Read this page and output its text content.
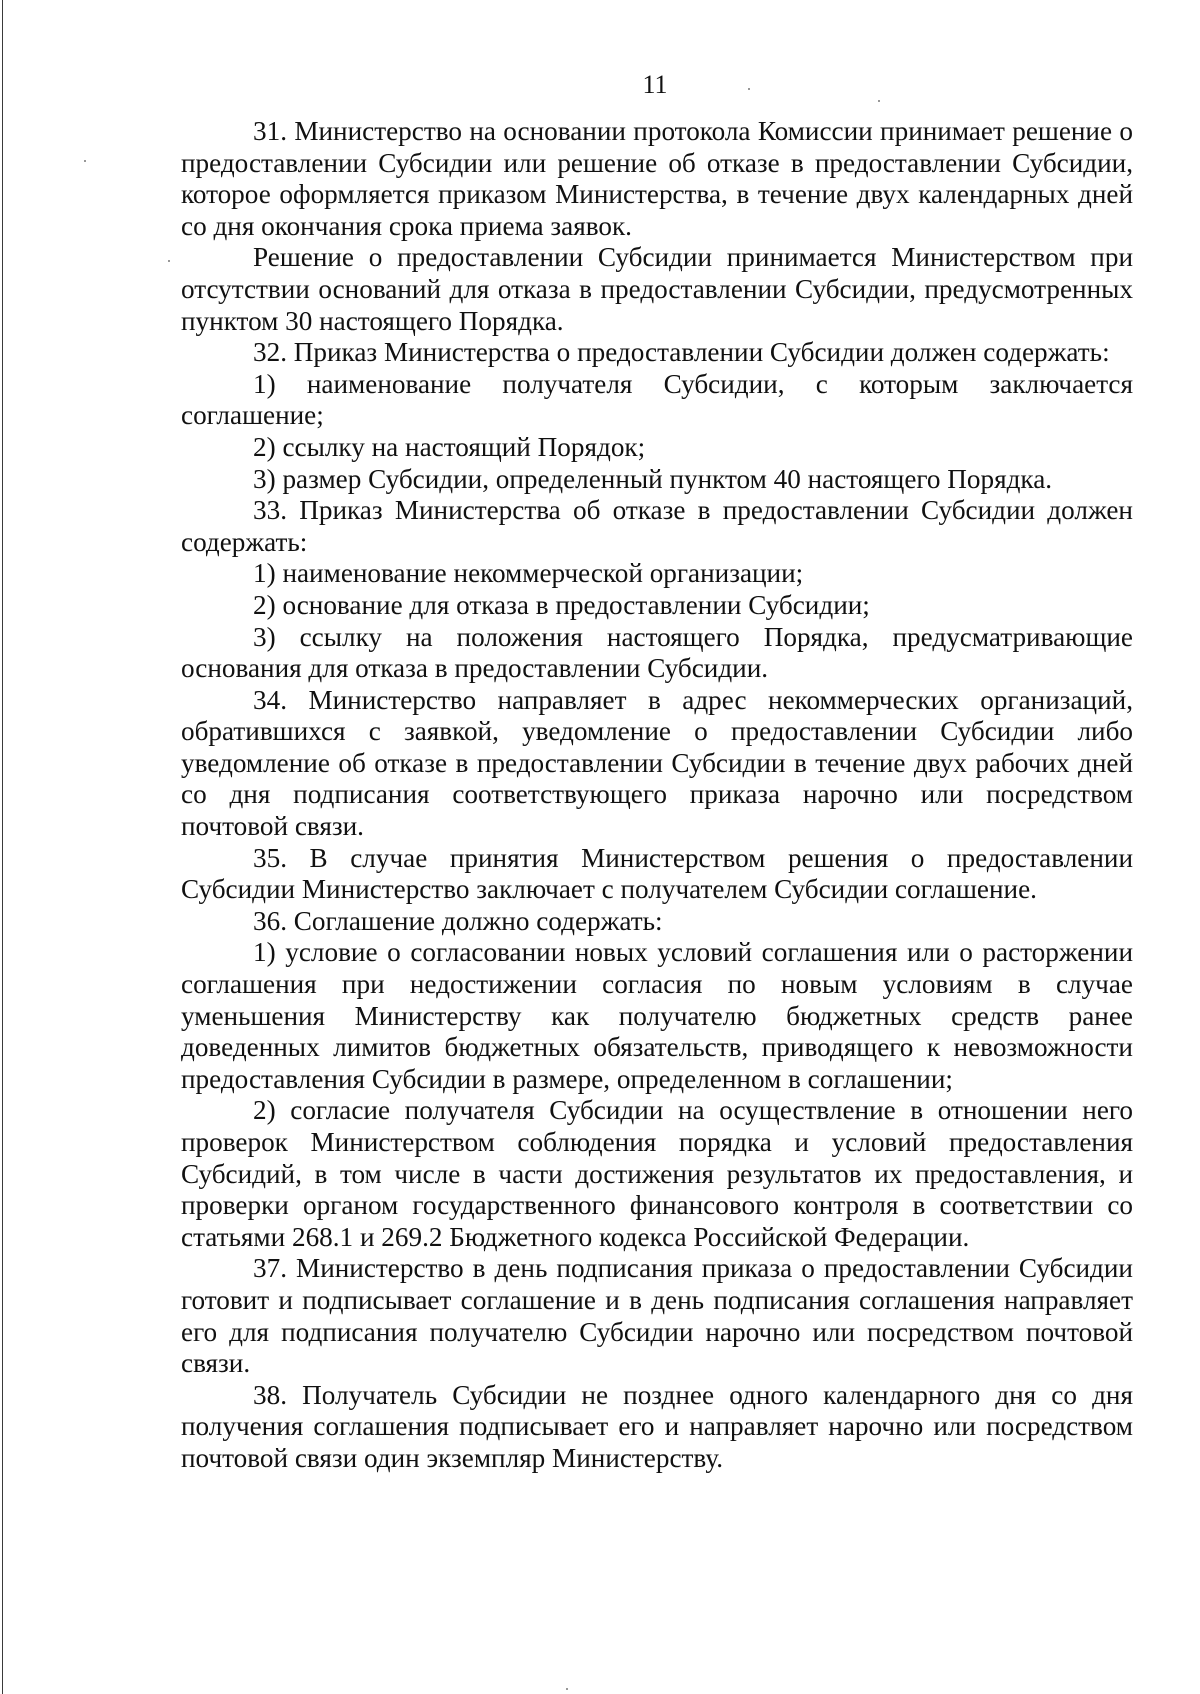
11

31. Министерство на основании протокола Комиссии принимает решение о предоставлении Субсидии или решение об отказе в предоставлении Субсидии, которое оформляется приказом Министерства, в течение двух календарных дней со дня окончания срока приема заявок.

Решение о предоставлении Субсидии принимается Министерством при отсутствии оснований для отказа в предоставлении Субсидии, предусмотренных пунктом 30 настоящего Порядка.

32. Приказ Министерства о предоставлении Субсидии должен содержать:

1) наименование получателя Субсидии, с которым заключается соглашение;

2) ссылку на настоящий Порядок;

3) размер Субсидии, определенный пунктом 40 настоящего Порядка.

33. Приказ Министерства об отказе в предоставлении Субсидии должен содержать:

1) наименование некоммерческой организации;

2) основание для отказа в предоставлении Субсидии;

3) ссылку на положения настоящего Порядка, предусматривающие основания для отказа в предоставлении Субсидии.

34. Министерство направляет в адрес некоммерческих организаций, обратившихся с заявкой, уведомление о предоставлении Субсидии либо уведомление об отказе в предоставлении Субсидии в течение двух рабочих дней со дня подписания соответствующего приказа нарочно или посредством почтовой связи.

35. В случае принятия Министерством решения о предоставлении Субсидии Министерство заключает с получателем Субсидии соглашение.

36. Соглашение должно содержать:

1) условие о согласовании новых условий соглашения или о расторжении соглашения при недостижении согласия по новым условиям в случае уменьшения Министерству как получателю бюджетных средств ранее доведенных лимитов бюджетных обязательств, приводящего к невозможности предоставления Субсидии в размере, определенном в соглашении;

2) согласие получателя Субсидии на осуществление в отношении него проверок Министерством соблюдения порядка и условий предоставления Субсидий, в том числе в части достижения результатов их предоставления, и проверки органом государственного финансового контроля в соответствии со статьями 268.1 и 269.2 Бюджетного кодекса Российской Федерации.

37. Министерство в день подписания приказа о предоставлении Субсидии готовит и подписывает соглашение и в день подписания соглашения направляет его для подписания получателю Субсидии нарочно или посредством почтовой связи.

38. Получатель Субсидии не позднее одного календарного дня со дня получения соглашения подписывает его и направляет нарочно или посредством почтовой связи один экземпляр Министерству.
